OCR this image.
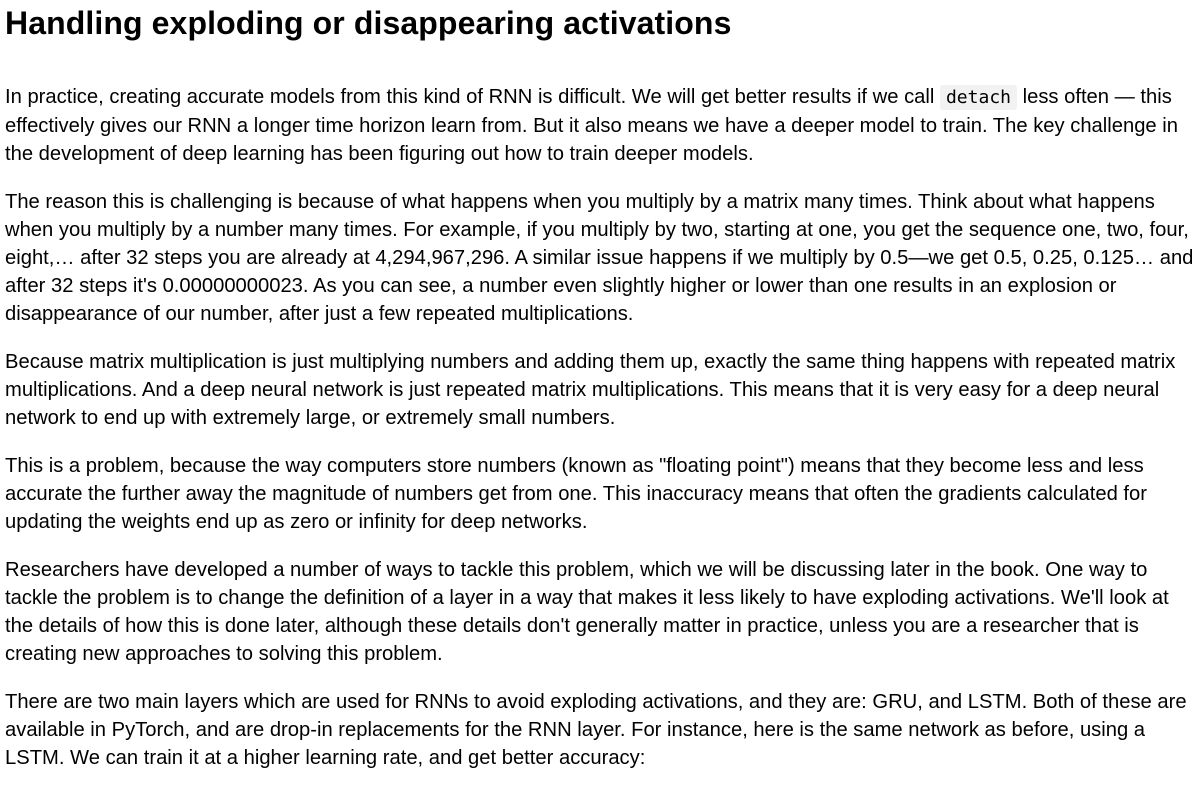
Handling exploding or disappearing activations

In practice, creating accurate models from this kind of RNN is difficult. We will get better results if we call detach less often — this effectively gives our RNN a longer time horizon learn from. But it also means we have a deeper model to train. The key challenge in the development of deep learning has been figuring out how to train deeper models.

The reason this is challenging is because of what happens when you multiply by a matrix many times. Think about what happens when you multiply by a number many times. For example, if you multiply by two, starting at one, you get the sequence one, two, four, eight,… after 32 steps you are already at 4,294,967,296. A similar issue happens if we multiply by 0.5—we get 0.5, 0.25, 0.125… and after 32 steps it's 0.00000000023. As you can see, a number even slightly higher or lower than one results in an explosion or disappearance of our number, after just a few repeated multiplications.

Because matrix multiplication is just multiplying numbers and adding them up, exactly the same thing happens with repeated matrix multiplications. And a deep neural network is just repeated matrix multiplications. This means that it is very easy for a deep neural network to end up with extremely large, or extremely small numbers.

This is a problem, because the way computers store numbers (known as "floating point") means that they become less and less accurate the further away the magnitude of numbers get from one. This inaccuracy means that often the gradients calculated for updating the weights end up as zero or infinity for deep networks.

Researchers have developed a number of ways to tackle this problem, which we will be discussing later in the book. One way to tackle the problem is to change the definition of a layer in a way that makes it less likely to have exploding activations. We'll look at the details of how this is done later, although these details don't generally matter in practice, unless you are a researcher that is creating new approaches to solving this problem.

There are two main layers which are used for RNNs to avoid exploding activations, and they are: GRU, and LSTM. Both of these are available in PyTorch, and are drop-in replacements for the RNN layer. For instance, here is the same network as before, using a LSTM. We can train it at a higher learning rate, and get better accuracy:
